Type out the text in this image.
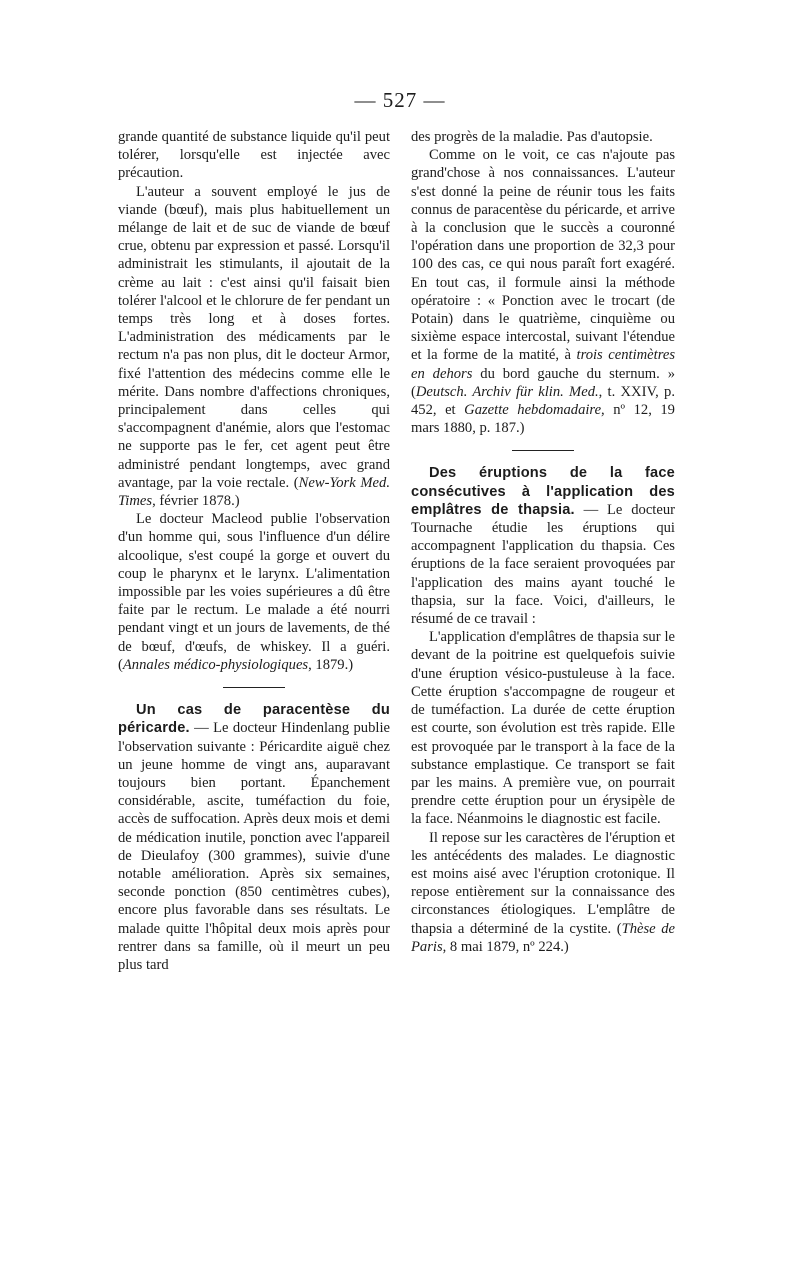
— 527 —

grande quantité de substance liquide qu'il peut tolérer, lorsqu'elle est injectée avec précaution.

L'auteur a souvent employé le jus de viande (bœuf), mais plus habituellement un mélange de lait et de suc de viande de bœuf crue, obtenu par expression et passé. Lorsqu'il administrait les stimulants, il ajoutait de la crème au lait : c'est ainsi qu'il faisait bien tolérer l'alcool et le chlorure de fer pendant un temps très long et à doses fortes. L'administration des médicaments par le rectum n'a pas non plus, dit le docteur Armor, fixé l'attention des médecins comme elle le mérite. Dans nombre d'affections chroniques, principalement dans celles qui s'accompagnent d'anémie, alors que l'estomac ne supporte pas le fer, cet agent peut être administré pendant longtemps, avec grand avantage, par la voie rectale. (New-York Med. Times, février 1878.)

Le docteur Macleod publie l'observation d'un homme qui, sous l'influence d'un délire alcoolique, s'est coupé la gorge et ouvert du coup le pharynx et le larynx. L'alimentation impossible par les voies supérieures a dû être faite par le rectum. Le malade a été nourri pendant vingt et un jours de lavements, de thé de bœuf, d'œufs, de whiskey. Il a guéri. (Annales médico-physiologiques, 1879.)

Un cas de paracentèse du péricarde. — Le docteur Hindenlang publie l'observation suivante : Péricardite aiguë chez un jeune homme de vingt ans, auparavant toujours bien portant. Épanchement considérable, ascite, tuméfaction du foie, accès de suffocation. Après deux mois et demi de médication inutile, ponction avec l'appareil de Dieulafoy (300 grammes), suivie d'une notable amélioration. Après six semaines, seconde ponction (850 centimètres cubes), encore plus favorable dans ses résultats. Le malade quitte l'hôpital deux mois après pour rentrer dans sa famille, où il meurt un peu plus tard

des progrès de la maladie. Pas d'autopsie.

Comme on le voit, ce cas n'ajoute pas grand'chose à nos connaissances. L'auteur s'est donné la peine de réunir tous les faits connus de paracentèse du péricarde, et arrive à la conclusion que le succès a couronné l'opération dans une proportion de 32,3 pour 100 des cas, ce qui nous paraît fort exagéré. En tout cas, il formule ainsi la méthode opératoire : « Ponction avec le trocart (de Potain) dans le quatrième, cinquième ou sixième espace intercostal, suivant l'étendue et la forme de la matité, à trois centimètres en dehors du bord gauche du sternum. » (Deutsch. Archiv für klin. Med., t. XXIV, p. 452, et Gazette hebdomadaire, nº 12, 19 mars 1880, p. 187.)

Des éruptions de la face consécutives à l'application des emplâtres de thapsia. — Le docteur Tournache étudie les éruptions qui accompagnent l'application du thapsia. Ces éruptions de la face seraient provoquées par l'application des mains ayant touché le thapsia, sur la face. Voici, d'ailleurs, le résumé de ce travail :

L'application d'emplâtres de thapsia sur le devant de la poitrine est quelquefois suivie d'une éruption vésico-pustuleuse à la face. Cette éruption s'accompagne de rougeur et de tuméfaction. La durée de cette éruption est courte, son évolution est très rapide. Elle est provoquée par le transport à la face de la substance emplastique. Ce transport se fait par les mains. A première vue, on pourrait prendre cette éruption pour un érysipèle de la face. Néanmoins le diagnostic est facile.

Il repose sur les caractères de l'éruption et les antécédents des malades. Le diagnostic est moins aisé avec l'éruption crotonique. Il repose entièrement sur la connaissance des circonstances étiologiques. L'emplâtre de thapsia a déterminé de la cystite. (Thèse de Paris, 8 mai 1879, nº 224.)
